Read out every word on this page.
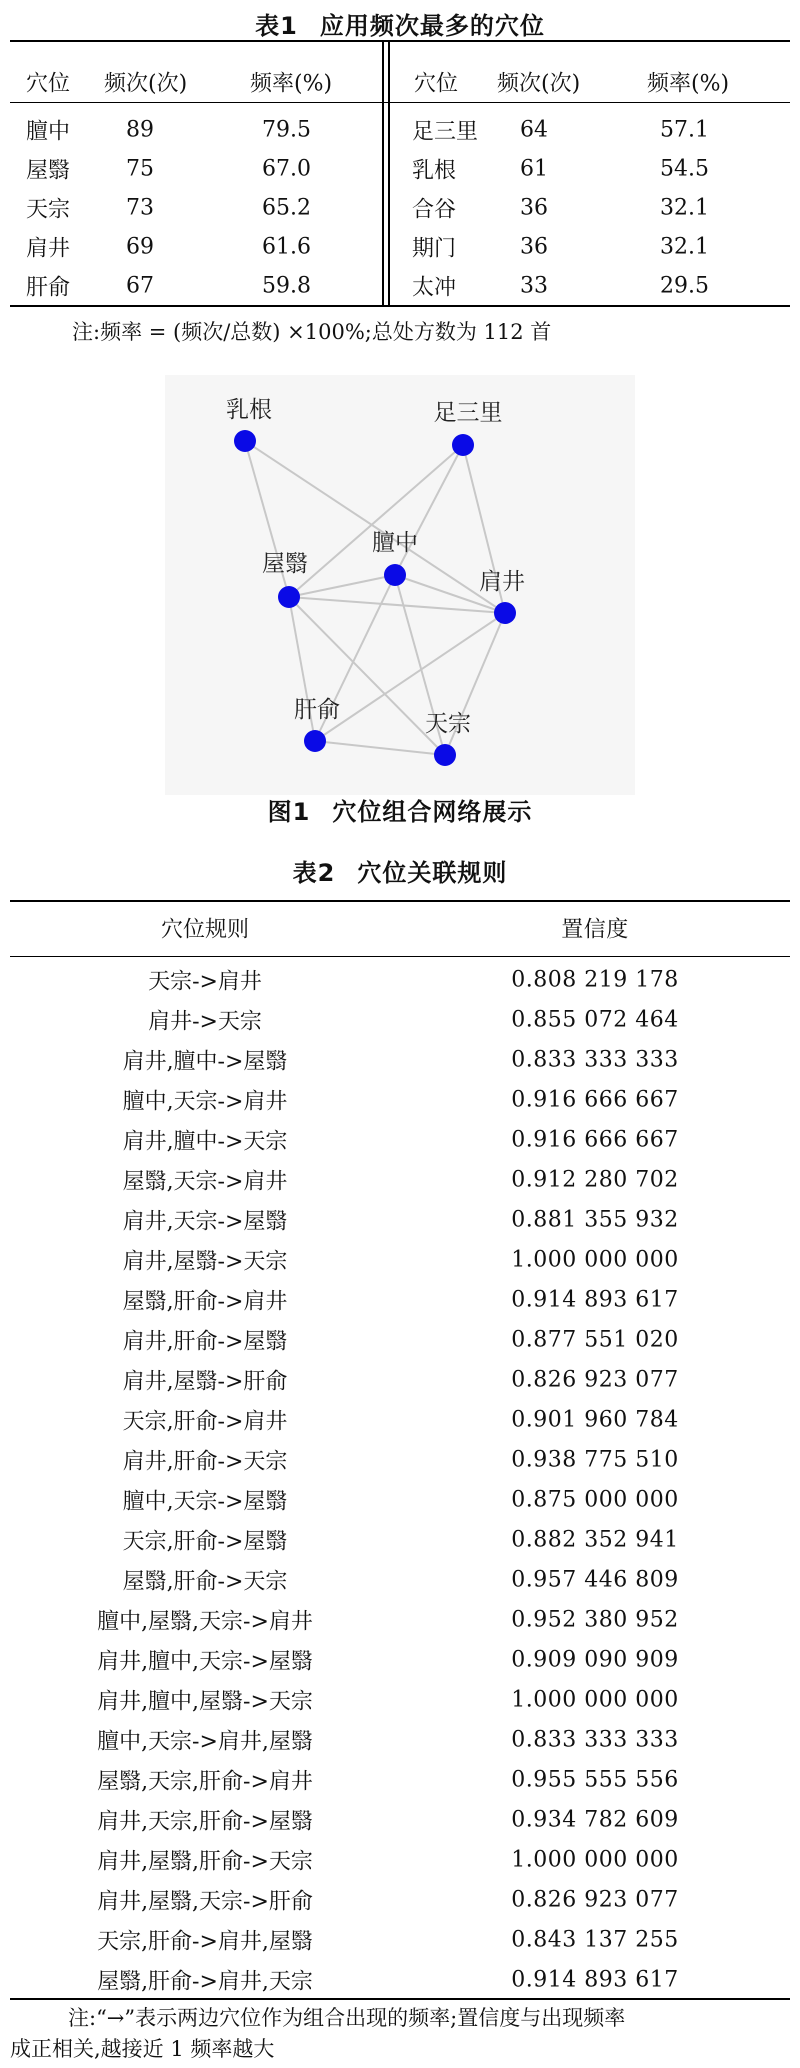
表1 应用频次最多的穴位
穴位 频次(次)	频率(%)	穴位 频次(次)	频率(%)
膻中	89	79.5	足三里 64	57.1
屋翳	75	67.0	乳根	61	54.5
天宗	73	65.2	合谷	36	32.1
肩井	69	61.6	期门	36	32.1
肝俞	67	59.8	太冲	33	29.5
注:频率 = (频次/总数) ×100%;总处方数为 112 首
乳根	足三里
膻中
屋翳
肩井
肝俞
天宗
图1 穴位组合网络展示
表2 穴位关联规则
穴位规则	置信度
天宗->肩井	0.808 219 178
肩井->天宗	0.855 072 464
肩井,膻中->屋翳	0.833 333 333
膻中,天宗->肩井	0.916 666 667
肩井,膻中->天宗	0.916 666 667
屋翳,天宗->肩井	0.912 280 702
肩井,天宗->屋翳	0.881 355 932
肩井,屋翳->天宗	1.000 000 000
屋翳,肝俞->肩井	0.914 893 617
肩井,肝俞->屋翳	0.877 551 020
肩井,屋翳->肝俞	0.826 923 077
天宗,肝俞->肩井	0.901 960 784
肩井,肝俞->天宗	0.938 775 510
膻中,天宗->屋翳	0.875 000 000
天宗,肝俞->屋翳	0.882 352 941
屋翳,肝俞->天宗	0.957 446 809
膻中,屋翳,天宗->肩井	0.952 380 952
肩井,膻中,天宗->屋翳	0.909 090 909
肩井,膻中,屋翳->天宗	1.000 000 000
膻中,天宗->肩井,屋翳	0.833 333 333
屋翳,天宗,肝俞->肩井	0.955 555 556
肩井,天宗,肝俞->屋翳	0.934 782 609
肩井,屋翳,肝俞->天宗	1.000 000 000
肩井,屋翳,天宗->肝俞	0.826 923 077
天宗,肝俞->肩井,屋翳	0.843 137 255
屋翳,肝俞->肩井,天宗	0.914 893 617
注:“→”表示两边穴位作为组合出现的频率;置信度与出现频率
成正相关,越接近 1 频率越大
